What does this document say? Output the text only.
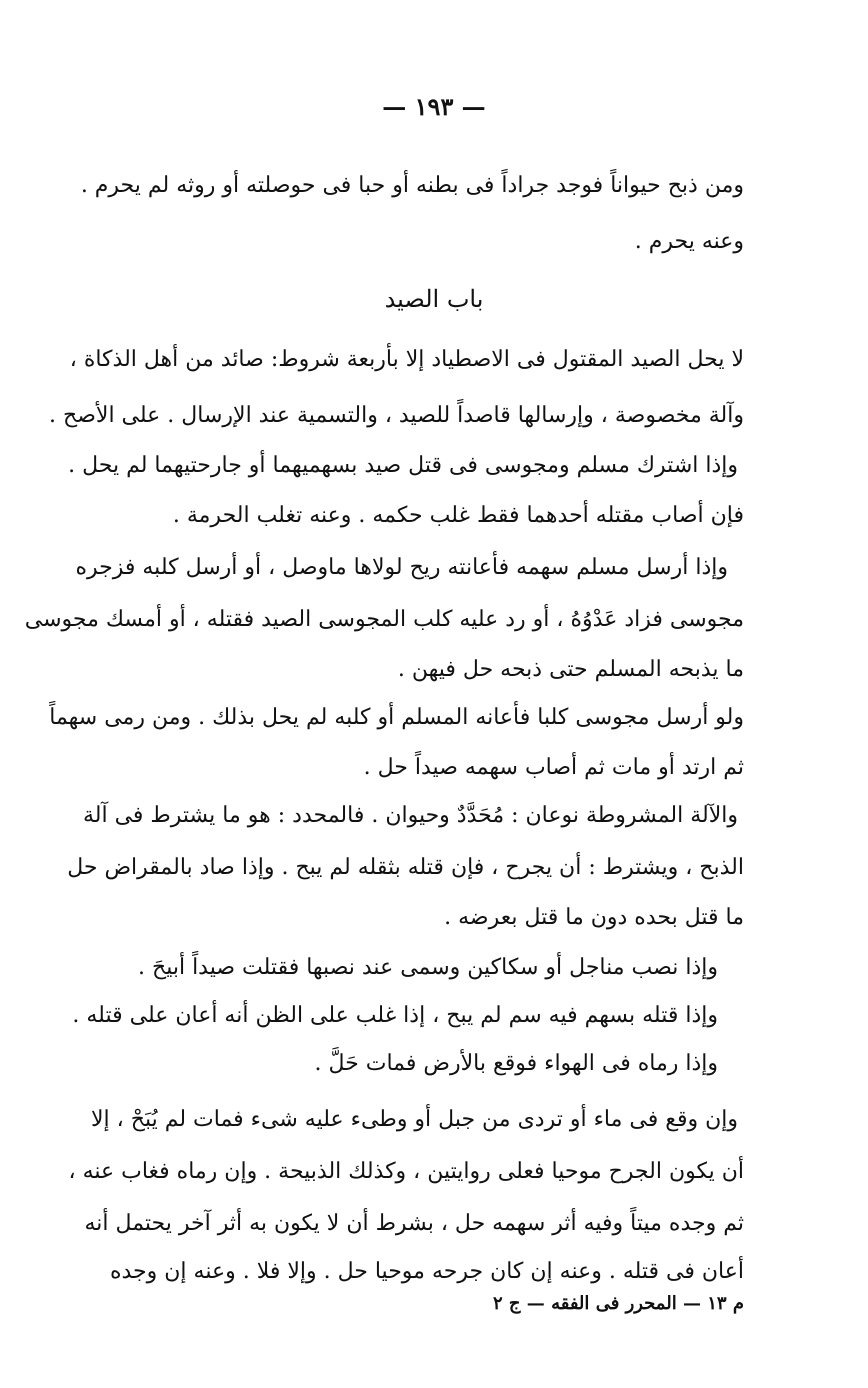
— ١٩٣ —
ومن ذبح حيواناً فوجد جراداً فى بطنه أو حبا فى حوصلته أو روثه لم يحرم .
وعنه يحرم .
باب الصيد
لا يحل الصيد المقتول فى الاصطياد إلا بأربعة شروط: صائد من أهل الذكاة ،
وآلة مخصوصة ، وإرسالها قاصداً للصيد ، والتسمية عند الإرسال . على الأصح .
وإذا اشترك مسلم ومجوسى فى قتل صيد بسهميهما أو جارحتيهما لم يحل .
فإن أصاب مقتله أحدهما فقط غلب حكمه . وعنه تغلب الحرمة .
وإذا أرسل مسلم سهمه فأعانته ريح لولاها ماوصل ، أو أرسل كلبه فزجره
مجوسى فزاد عَدْوُهُ ، أو رد عليه كلب المجوسى الصيد فقتله ، أو أمسك مجوسى
ما يذبحه المسلم حتى ذبحه حل فيهن .
ولو أرسل مجوسى كلبا فأعانه المسلم أو كلبه لم يحل بذلك . ومن رمى سهماً
ثم ارتد أو مات ثم أصاب سهمه صيداً حل .
والآلة المشروطة نوعان : مُحَدَّدٌ وحيوان . فالمحدد : هو ما يشترط فى آلة
الذبح ، ويشترط : أن يجرح ، فإن قتله بثقله لم يبح . وإذا صاد بالمقراض حل
ما قتل بحده دون ما قتل بعرضه .
وإذا نصب مناجل أو سكاكين وسمى عند نصبها فقتلت صيداً أبيحَ .
وإذا قتله بسهم فيه سم لم يبح ، إذا غلب على الظن أنه أعان على قتله .
وإذا رماه فى الهواء فوقع بالأرض فمات حَلَّ .
وإن وقع فى ماء أو تردى من جبل أو وطىء عليه شىء فمات لم يُبَحْ ، إلا
أن يكون الجرح موحيا فعلى روايتين ، وكذلك الذبيحة . وإن رماه فغاب عنه ،
ثم وجده ميتاً وفيه أثر سهمه حل ، بشرط أن لا يكون به أثر آخر يحتمل أنه
أعان فى قتله . وعنه إن كان جرحه موحيا حل . وإلا فلا . وعنه إن وجده
م ١٣ — المحرر فى الفقه — ج ٢
